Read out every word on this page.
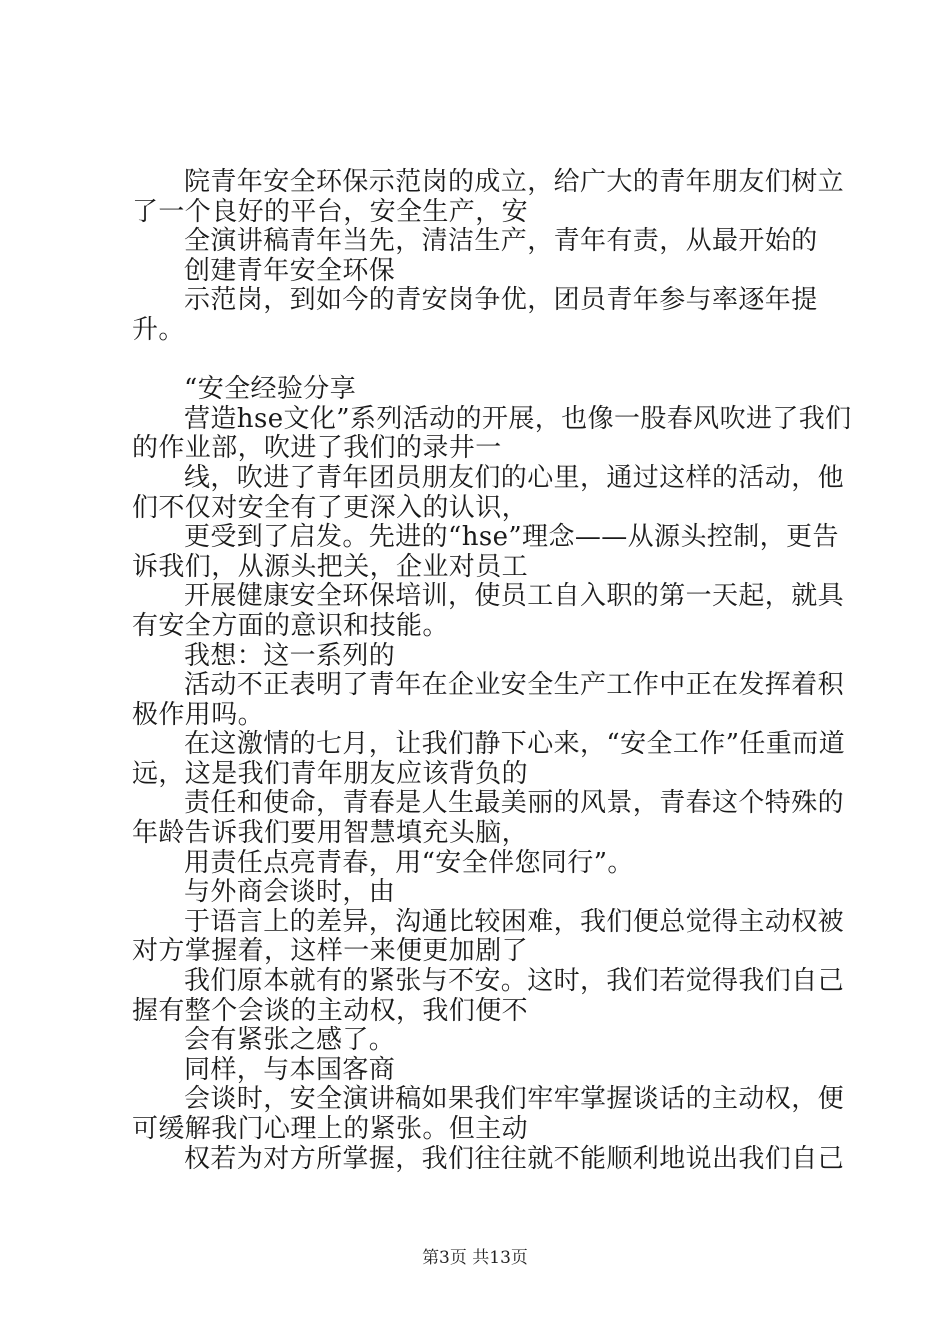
院青年安全环保示范岗的成立，给广大的青年朋友们树立了一个良好的平台，安全生产，安

全演讲稿青年当先，清洁生产，青年有责，从最开始的

创建青年安全环保

示范岗，到如今的青安岗争优，团员青年参与率逐年提升。

“安全经验分享

营造hse文化”系列活动的开展，也像一股春风吹进了我们的作业部，吹进了我们的录井一

线，吹进了青年团员朋友们的心里，通过这样的活动，他们不仅对安全有了更深入的认识，

更受到了启发。先进的“hse”理念——从源头控制，更告诉我们，从源头把关，企业对员工

开展健康安全环保培训，使员工自入职的第一天起，就具有安全方面的意识和技能。

我想：这一系列的

活动不正表明了青年在企业安全生产工作中正在发挥着积极作用吗。

在这激情的七月，让我们静下心来，“安全工作”任重而道远，这是我们青年朋友应该背负的

责任和使命，青春是人生最美丽的风景，青春这个特殊的年龄告诉我们要用智慧填充头脑，

用责任点亮青春，用“安全伴您同行”。

与外商会谈时，由

于语言上的差异，沟通比较困难，我们便总觉得主动权被对方掌握着，这样一来便更加剧了

我们原本就有的紧张与不安。这时，我们若觉得我们自己握有整个会谈的主动权，我们便不

会有紧张之感了。

同样，与本国客商

会谈时，安全演讲稿如果我们牢牢掌握谈话的主动权，便可缓解我门心理上的紧张。但主动

权若为对方所掌握，我们往往就不能顺利地说出我们自己

第3页 共13页
